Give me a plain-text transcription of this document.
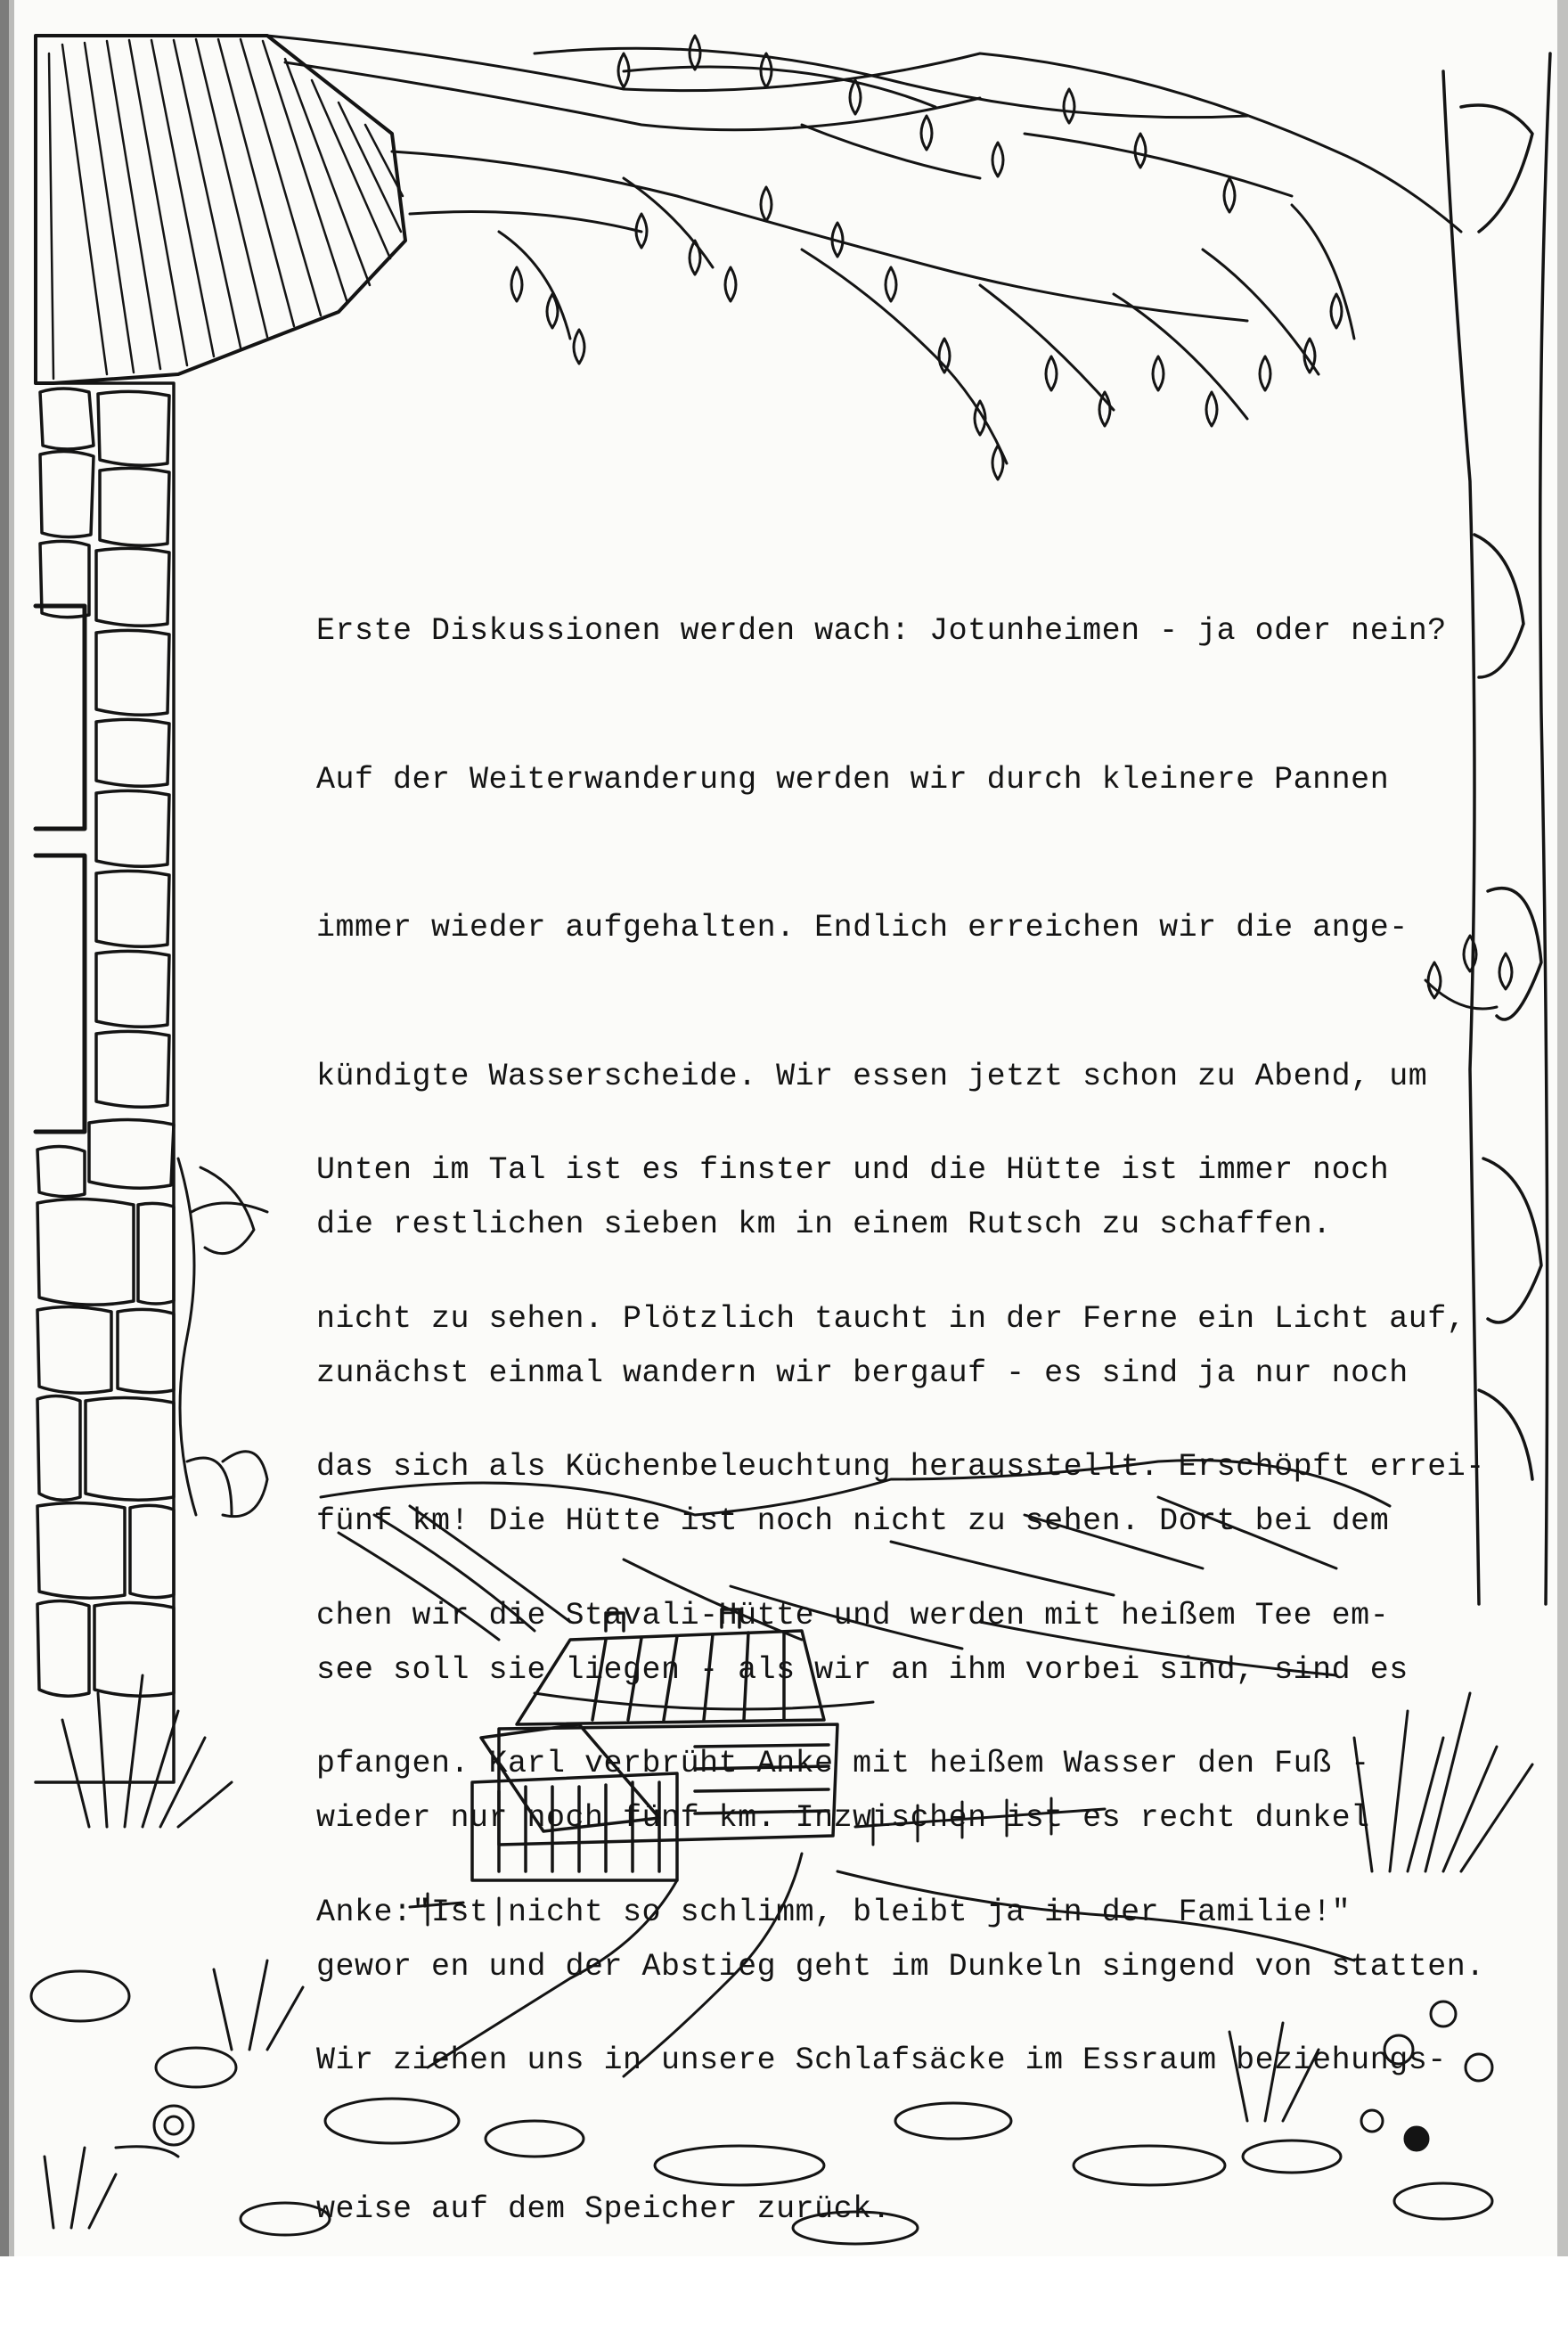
Erste Diskussionen werden wach: Jotunheimen - ja oder nein?

Auf der Weiterwanderung werden wir durch kleinere Pannen

immer wieder aufgehalten. Endlich erreichen wir die ange-

kündigte Wasserscheide. Wir essen jetzt schon zu Abend, um

die restlichen sieben km in einem Rutsch zu schaffen.

zunächst einmal wandern wir bergauf - es sind ja nur noch

fünf km! Die Hütte ist noch nicht zu sehen. Dort bei dem

see soll sie liegen - als wir an ihm vorbei sind, sind es

wieder nur noch fünf km. Inzwischen ist es recht dunkel

gewor en und der Abstieg geht im Dunkeln singend von statten.

Unten im Tal ist es finster und die Hütte ist immer noch

nicht zu sehen. Plötzlich taucht in der Ferne ein Licht auf,

das sich als Küchenbeleuchtung herausstellt. Erschöpft errei-

chen wir die Stavali-Hütte und werden mit heißem Tee em-

pfangen. Karl verbrüht Anke mit heißem Wasser den Fuß -

Anke:"Ist nicht so schlimm, bleibt ja in der Familie!"

Wir ziehen uns in unsere Schlafsäcke im Essraum beziehungs-

weise auf dem Speicher zurück.
